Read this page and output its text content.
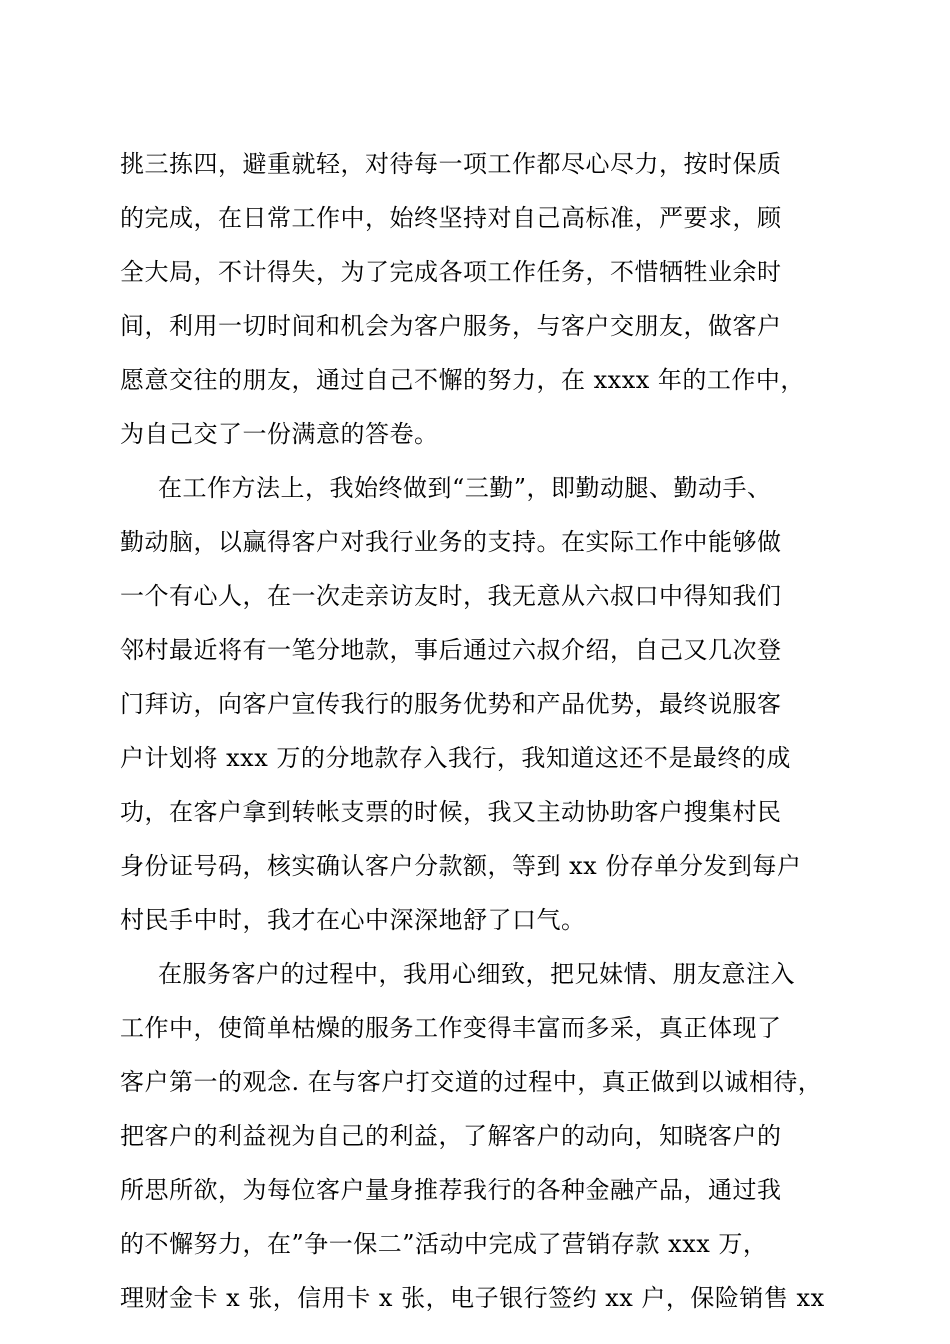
挑三拣四，避重就轻，对待每一项工作都尽心尽力，按时保质
的完成，在日常工作中，始终坚持对自己高标准，严要求，顾
全大局，不计得失，为了完成各项工作任务，不惜牺牲业余时
间，利用一切时间和机会为客户服务，与客户交朋友，做客户
愿意交往的朋友，通过自己不懈的努力，在 xxxx 年的工作中，
为自己交了一份满意的答卷。
在工作方法上，我始终做到“三勤”，即勤动腿、勤动手、
勤动脑，以赢得客户对我行业务的支持。在实际工作中能够做
一个有心人，在一次走亲访友时，我无意从六叔口中得知我们
邻村最近将有一笔分地款，事后通过六叔介绍，自己又几次登
门拜访，向客户宣传我行的服务优势和产品优势，最终说服客
户计划将 xxx 万的分地款存入我行，我知道这还不是最终的成
功，在客户拿到转帐支票的时候，我又主动协助客户搜集村民
身份证号码，核实确认客户分款额，等到 xx 份存单分发到每户
村民手中时，我才在心中深深地舒了口气。
在服务客户的过程中，我用心细致，把兄妹情、朋友意注入
工作中，使简单枯燥的服务工作变得丰富而多采，真正体现了
客户第一的观念. 在与客户打交道的过程中，真正做到以诚相待，
把客户的利益视为自己的利益，了解客户的动向，知晓客户的
所思所欲，为每位客户量身推荐我行的各种金融产品，通过我
的不懈努力，在”争一保二”活动中完成了营销存款 xxx 万，
理财金卡 x 张，信用卡 x 张，电子银行签约 xx 户，保险销售 xx
